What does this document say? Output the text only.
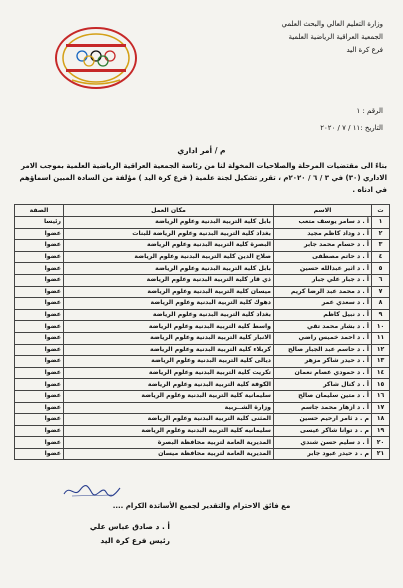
وزارة التعليم العالي والبحث العلمي
الجمعية العراقية الرياضية العلمية
فرع كرة اليد
الرقم : ١
التاريخ :١١ / ٧ / ٢٠٢٠
م / أمر اداري
بناءً الى مقتضيات المرحلة والصلاحيات المخولة لنا من رئاسة الجمعية العراقية الرياضية العلمية بموجب الامر الاداري (٣٠) في ٣ / ٦ / ٢٠٢٠م ، تقرر تشكيل لجنة علمية ( فرع كرة اليد ) مؤلفة من السادة المبين اسماؤهم في ادناه .
ت	الاسم	مكان العمل	الصفة
١	أ . د سامر يوسف متعب	بابل كلية التربية البدنية وعلوم الرياضة	رئيسا
٢	أ . د وداد كاظم مجيد	بغداد كلية التربية البدنية وعلوم الرياضة للبنات	عضوا
٣	أ . د حسام محمد جابر	البصرة كلية التربية البدنية وعلوم الرياضة	عضوا
٤	أ . د حاتم مصطفى	صلاح الدين كلية التربية البدنية وعلوم الرياضة	عضوا
٥	أ . د اثير عبدالله حسين	بابل كلية التربية البدنية وعلوم الرياضة	عضوا
٦	أ . د جبار علي جبار	ذي قار كلية التربية البدنية وعلوم الرياضة	عضوا
٧	أ . د محمد عبد الرضا كريم	ميسان كلية التربية البدنية وعلوم الرياضة	عضوا
٨	أ . د سعدي عمر	دهوك كلية التربية البدنية وعلوم الرياضة	عضوا
٩	أ . د نبيل كاظم	بغداد كلية التربية البدنية وعلوم الرياضة	عضوا
١٠	أ . د بشار محمد تقي	واسط كلية التربية البدنية وعلوم الرياضة	عضوا
١١	أ . د احمد خميس راضي	الانبار كلية التربية البدنية وعلوم الرياضة	عضوا
١٢	أ . د حاسم عبد الجبار صالح	كربلاء كلية التربية البدنية وعلوم الرياضة	عضوا
١٣	أ . د حيدر شاكر مزهر	ديالى كلية التربية البدنية وعلوم الرياضة	عضوا
١٤	أ . د حمودي عصام نعمان	تكريت كلية التربية البدنية وعلوم الرياضة	عضوا
١٥	أ . د كنال شاكر	الكوفة كلية التربية البدنية وعلوم الرياضة	عضوا
١٦	أ . د متين سليمان صالح	سليمانية كلية التربية البدنية وعلوم الرياضة	عضوا
١٧	أ . د ازهار محمد جاسم	وزارة الشــربية	عضوا
١٨	م . د ثامر ارحيم حسين	المثنى كلية التربية البدنية وعلوم الرياضة	عضوا
١٩	م . د توانا شاكر عيسى	سليمانيه كلية التربية البدنية وعلوم الرياضة	عضوا
٢٠	أ . د سليم حسن شندي	المديرية العامة لتربية محافظة البصرة	عضوا
٢١	م . د حيدر عبود جابر	المديرية العامة لتربية محافظة ميسان	عضوا
مع فائق الاحترام والتقدير لجميع الأساتذة الكرام ....
أ . د صادق عباس علي
رئيس فرع كرة اليد
